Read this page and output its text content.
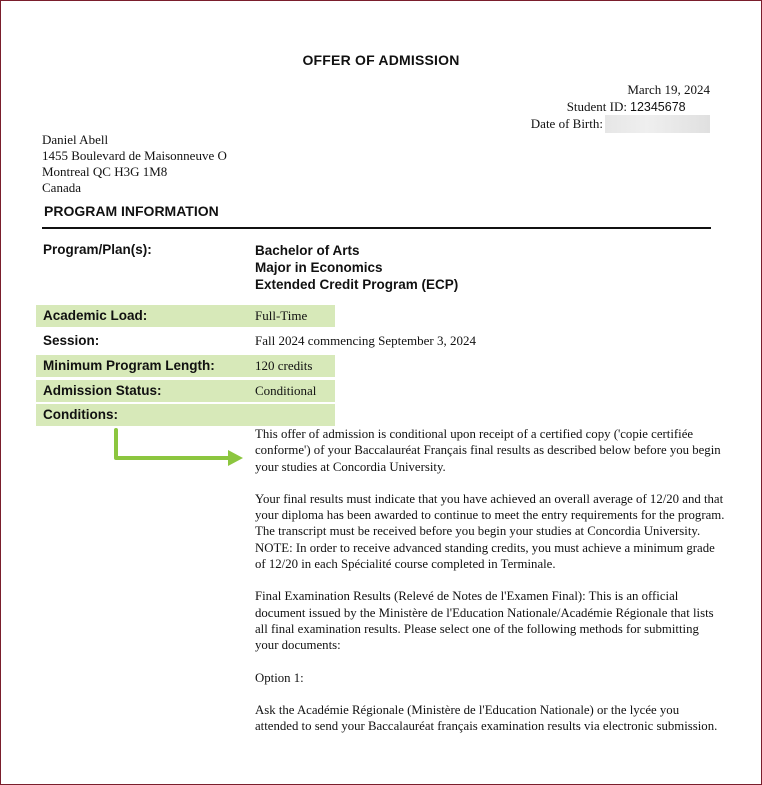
OFFER OF ADMISSION
March 19, 2024
Student ID: 12345678
Date of Birth:
Daniel Abell
1455 Boulevard de Maisonneuve O
Montreal QC H3G 1M8
Canada
PROGRAM INFORMATION
Program/Plan(s):	Bachelor of Arts
Major in Economics
Extended Credit Program (ECP)
Academic Load:	Full-Time
Session:	Fall 2024 commencing September 3, 2024
Minimum Program Length:	120 credits
Admission Status:	Conditional
Conditions:

This offer of admission is conditional upon receipt of a certified copy ('copie certifiée conforme') of your Baccalauréat Français final results as described below before you begin your studies at Concordia University.

Your final results must indicate that you have achieved an overall average of 12/20 and that your diploma has been awarded to continue to meet the entry requirements for the program. The transcript must be received before you begin your studies at Concordia University. NOTE: In order to receive advanced standing credits, you must achieve a minimum grade of 12/20 in each Spécialité course completed in Terminale.

Final Examination Results (Relevé de Notes de l'Examen Final): This is an official document issued by the Ministère de l'Education Nationale/Académie Régionale that lists all final examination results. Please select one of the following methods for submitting your documents:

Option 1:

Ask the Académie Régionale (Ministère de l'Education Nationale) or the lycée you attended to send your Baccalauréat français examination results via electronic submission.
